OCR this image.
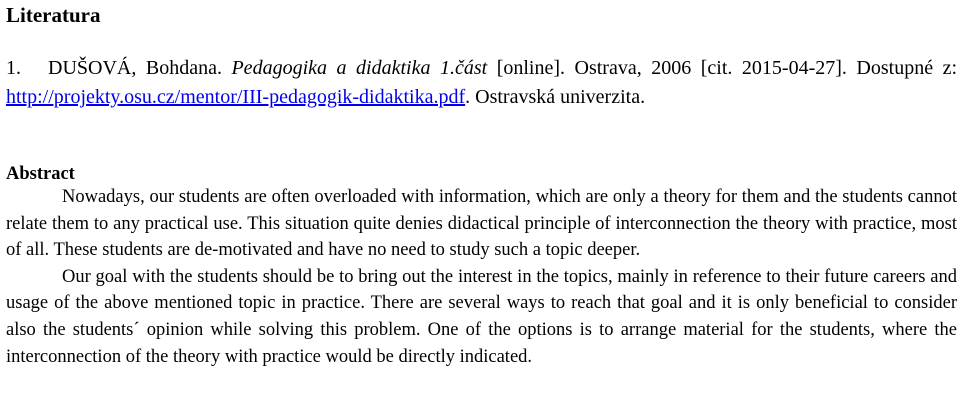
Literatura

1. DUŠOVÁ, Bohdana. Pedagogika a didaktika 1.část [online]. Ostrava, 2006 [cit. 2015-04-27]. Dostupné z: http://projekty.osu.cz/mentor/III-pedagogik-didaktika.pdf. Ostravská univerzita.

Abstract

Nowadays, our students are often overloaded with information, which are only a theory for them and the students cannot relate them to any practical use. This situation quite denies didactical principle of interconnection the theory with practice, most of all. These students are de-motivated and have no need to study such a topic deeper.

Our goal with the students should be to bring out the interest in the topics, mainly in reference to their future careers and usage of the above mentioned topic in practice. There are several ways to reach that goal and it is only beneficial to consider also the students´ opinion while solving this problem. One of the options is to arrange material for the students, where the interconnection of the theory with practice would be directly indicated.
